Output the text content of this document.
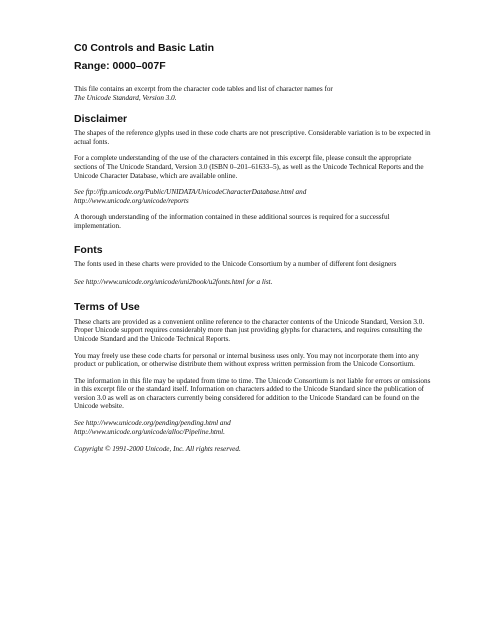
C0 Controls and Basic Latin
Range: 0000–007F

This file contains an excerpt from the character code tables and list of character names for
The Unicode Standard, Version 3.0.

Disclaimer

The shapes of the reference glyphs used in these code charts are not prescriptive. Considerable variation is to be expected in actual fonts.

For a complete understanding of the use of the characters contained in this excerpt file, please consult the appropriate sections of The Unicode Standard, Version 3.0 (ISBN 0–201–61633–5), as well as the Unicode Technical Reports and the Unicode Character Database, which are available online.

See ftp://ftp.unicode.org/Public/UNIDATA/UnicodeCharacterDatabase.html and
http://www.unicode.org/unicode/reports

A thorough understanding of the information contained in these additional sources is required for a successful implementation.

Fonts

The fonts used in these charts were provided to the Unicode Consortium by a number of different font designers

See http://www.unicode.org/unicode/uni2book/u2fonts.html for a list.

Terms of Use

These charts are provided as a convenient online reference to the character contents of the Unicode Standard, Version 3.0. Proper Unicode support requires considerably more than just providing glyphs for characters, and requires consulting the Unicode Standard and the Unicode Technical Reports.

You may freely use these code charts for personal or internal business uses only. You may not incorporate them into any product or publication, or otherwise distribute them without express written permission from the Unicode Consortium.

The information in this file may be updated from time to time. The Unicode Consortium is not liable for errors or omissions in this excerpt file or the standard itself. Information on characters added to the Unicode Standard since the publication of version 3.0 as well as on characters currently being considered for addition to the Unicode Standard can be found on the Unicode website.

See http://www.unicode.org/pending/pending.html and
http://www.unicode.org/unicode/alloc/Pipeline.html.

Copyright © 1991-2000 Unicode, Inc. All rights reserved.
